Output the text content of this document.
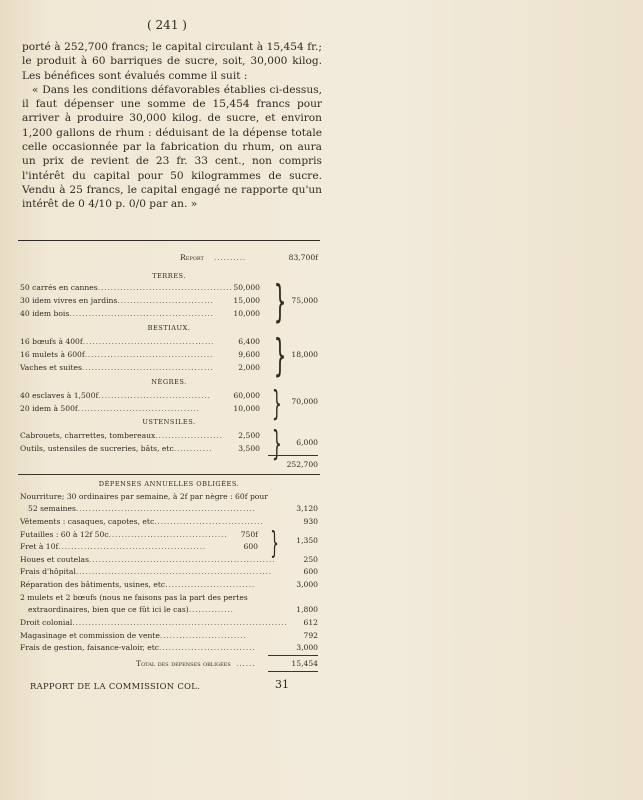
( 241 )

porté à 252,700 francs; le capital circulant à 15,454 fr.; le produit à 60 barriques de sucre, soit, 30,000 kilog. Les bénéfices sont évalués comme il suit :

« Dans les conditions défavorables établies ci-dessus, il faut dépenser une somme de 15,454 francs pour arriver à produire 30,000 kilog. de sucre, et environ 1,200 gallons de rhum : déduisant de la dépense totale celle occasionnée par la fabrication du rhum, on aura un prix de revient de 23 fr. 33 cent., non compris l'intérêt du capital pour 50 kilogrammes de sucre. Vendu à 25 francs, le capital engagé ne rapporte qu'un intérêt de 0 4/10 p. 0/0 par an. »

Report ..........	83,700f
TERRES.
50 carrés en cannes.......................................... 50,000
30 idem vivres en jardins..............................	15,000
40 idem bois.............................................	10,000 } 75,000
BESTIAUX.
16 bœufs à 400f.........................................	6,400
16 mulets à 600f........................................	9,600
Vaches et suites.........................................	2,000 } 18,000
NÈGRES.
40 esclaves à 1,500f...................................	60,000
20 idem à 500f......................................	10,000 }	70,000
USTENSILES.
Cabrouets, charrettes, tombereaux.....................	2,500
Outils, ustensiles de sucreries, bâts, etc............	3,500 }	6,000
252,700
DÉPENSES ANNUELLES OBLIGÉES.
Nourriture; 30 ordinaires par semaine, à 2f par nègre : 60f pour
52 semaines........................................................	3,120
Vêtements : casaques, capotes, etc..................................	930
Futailles : 60 à 12f 50c.....................................	750f
Fret à 10f..............................................	600 }	1,350
Houes et coutelas..........................................................	250
Frais d'hôpital.............................................................	600
Réparation des bâtiments, usines, etc............................	3,000
2 mulets et 2 bœufs (nous ne faisons pas la part des pertes
extraordinaires, bien que ce fût ici le cas)..............	1,800
Droit colonial...................................................................	612
Magasinage et commission de vente...........................	792
Frais de gestion, faisance-valoir, etc..............................	3,000
Total des dépenses obligées ......	15,454
RAPPORT DE LA COMMISSION COL.	31
